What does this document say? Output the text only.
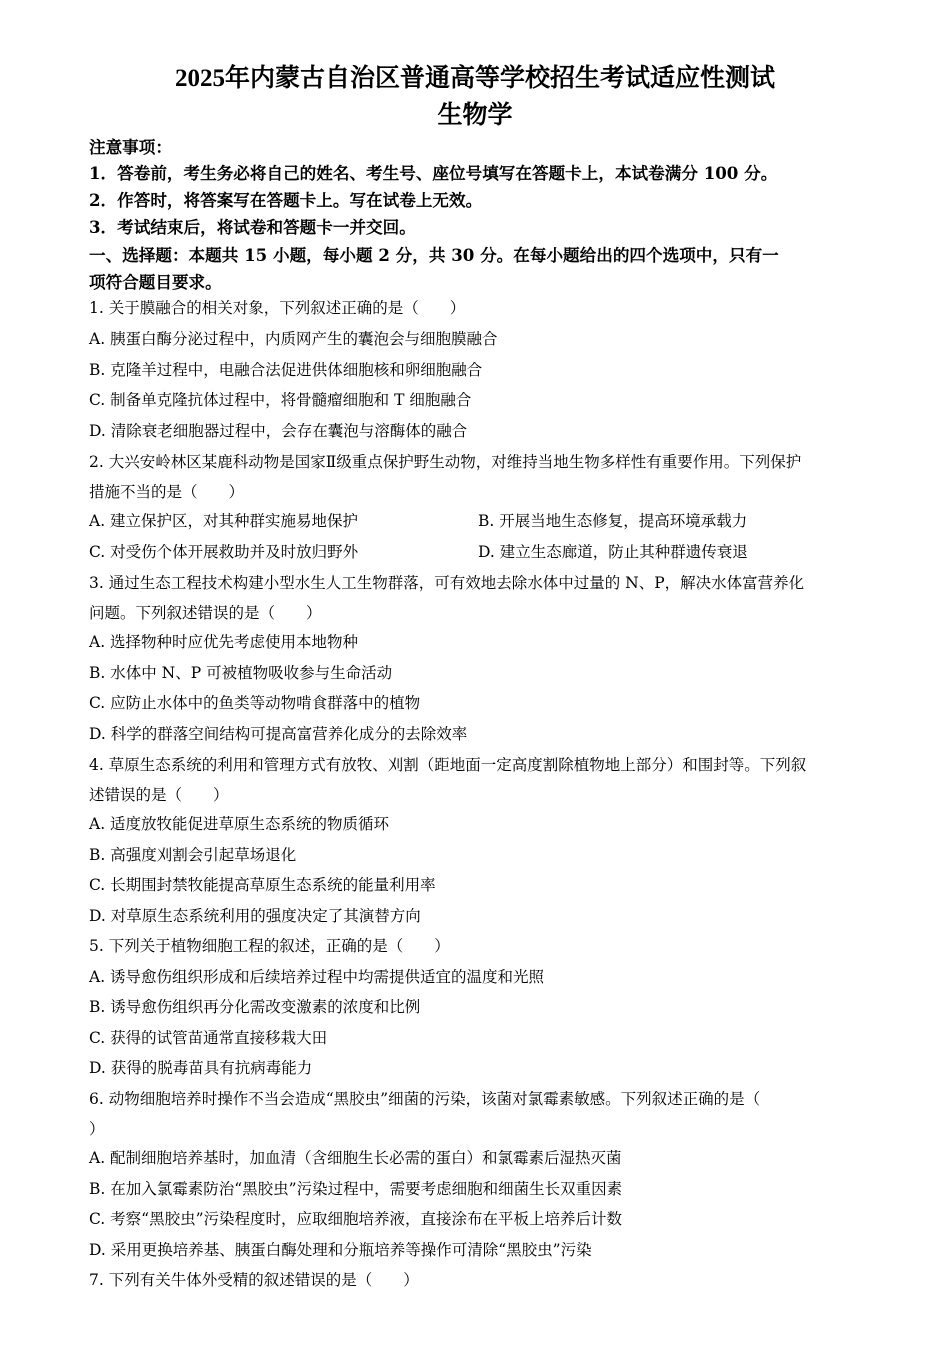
2025年内蒙古自治区普通高等学校招生考试适应性测试
生物学
注意事项：
1．答卷前，考生务必将自己的姓名、考生号、座位号填写在答题卡上，本试卷满分 100 分。
2．作答时，将答案写在答题卡上。写在试卷上无效。
3．考试结束后，将试卷和答题卡一并交回。
一、选择题：本题共 15 小题，每小题 2 分，共 30 分。在每小题给出的四个选项中，只有一
项符合题目要求。
1. 关于膜融合的相关对象，下列叙述正确的是（　　）
A. 胰蛋白酶分泌过程中，内质网产生的囊泡会与细胞膜融合
B. 克隆羊过程中，电融合法促进供体细胞核和卵细胞融合
C. 制备单克隆抗体过程中，将骨髓瘤细胞和 T 细胞融合
D. 清除衰老细胞器过程中，会存在囊泡与溶酶体的融合
2. 大兴安岭林区某鹿科动物是国家Ⅱ级重点保护野生动物，对维持当地生物多样性有重要作用。下列保护
措施不当的是（　　）
A. 建立保护区，对其种群实施易地保护	B. 开展当地生态修复，提高环境承载力
C. 对受伤个体开展救助并及时放归野外	D. 建立生态廊道，防止其种群遗传衰退
3. 通过生态工程技术构建小型水生人工生物群落，可有效地去除水体中过量的 N、P，解决水体富营养化
问题。下列叙述错误的是（　　）
A. 选择物种时应优先考虑使用本地物种
B. 水体中 N、P 可被植物吸收参与生命活动
C. 应防止水体中的鱼类等动物啃食群落中的植物
D. 科学的群落空间结构可提高富营养化成分的去除效率
4. 草原生态系统的利用和管理方式有放牧、刈割（距地面一定高度割除植物地上部分）和围封等。下列叙
述错误的是（　　）
A. 适度放牧能促进草原生态系统的物质循环
B. 高强度刈割会引起草场退化
C. 长期围封禁牧能提高草原生态系统的能量利用率
D. 对草原生态系统利用的强度决定了其演替方向
5. 下列关于植物细胞工程的叙述，正确的是（　　）
A. 诱导愈伤组织形成和后续培养过程中均需提供适宜的温度和光照
B. 诱导愈伤组织再分化需改变激素的浓度和比例
C. 获得的试管苗通常直接移栽大田
D. 获得的脱毒苗具有抗病毒能力
6. 动物细胞培养时操作不当会造成“黑胶虫”细菌的污染，该菌对氯霉素敏感。下列叙述正确的是（
）
A. 配制细胞培养基时，加血清（含细胞生长必需的蛋白）和氯霉素后湿热灭菌
B. 在加入氯霉素防治“黑胶虫”污染过程中，需要考虑细胞和细菌生长双重因素
C. 考察“黑胶虫”污染程度时，应取细胞培养液，直接涂布在平板上培养后计数
D. 采用更换培养基、胰蛋白酶处理和分瓶培养等操作可清除“黑胶虫”污染
7. 下列有关牛体外受精的叙述错误的是（　　）
